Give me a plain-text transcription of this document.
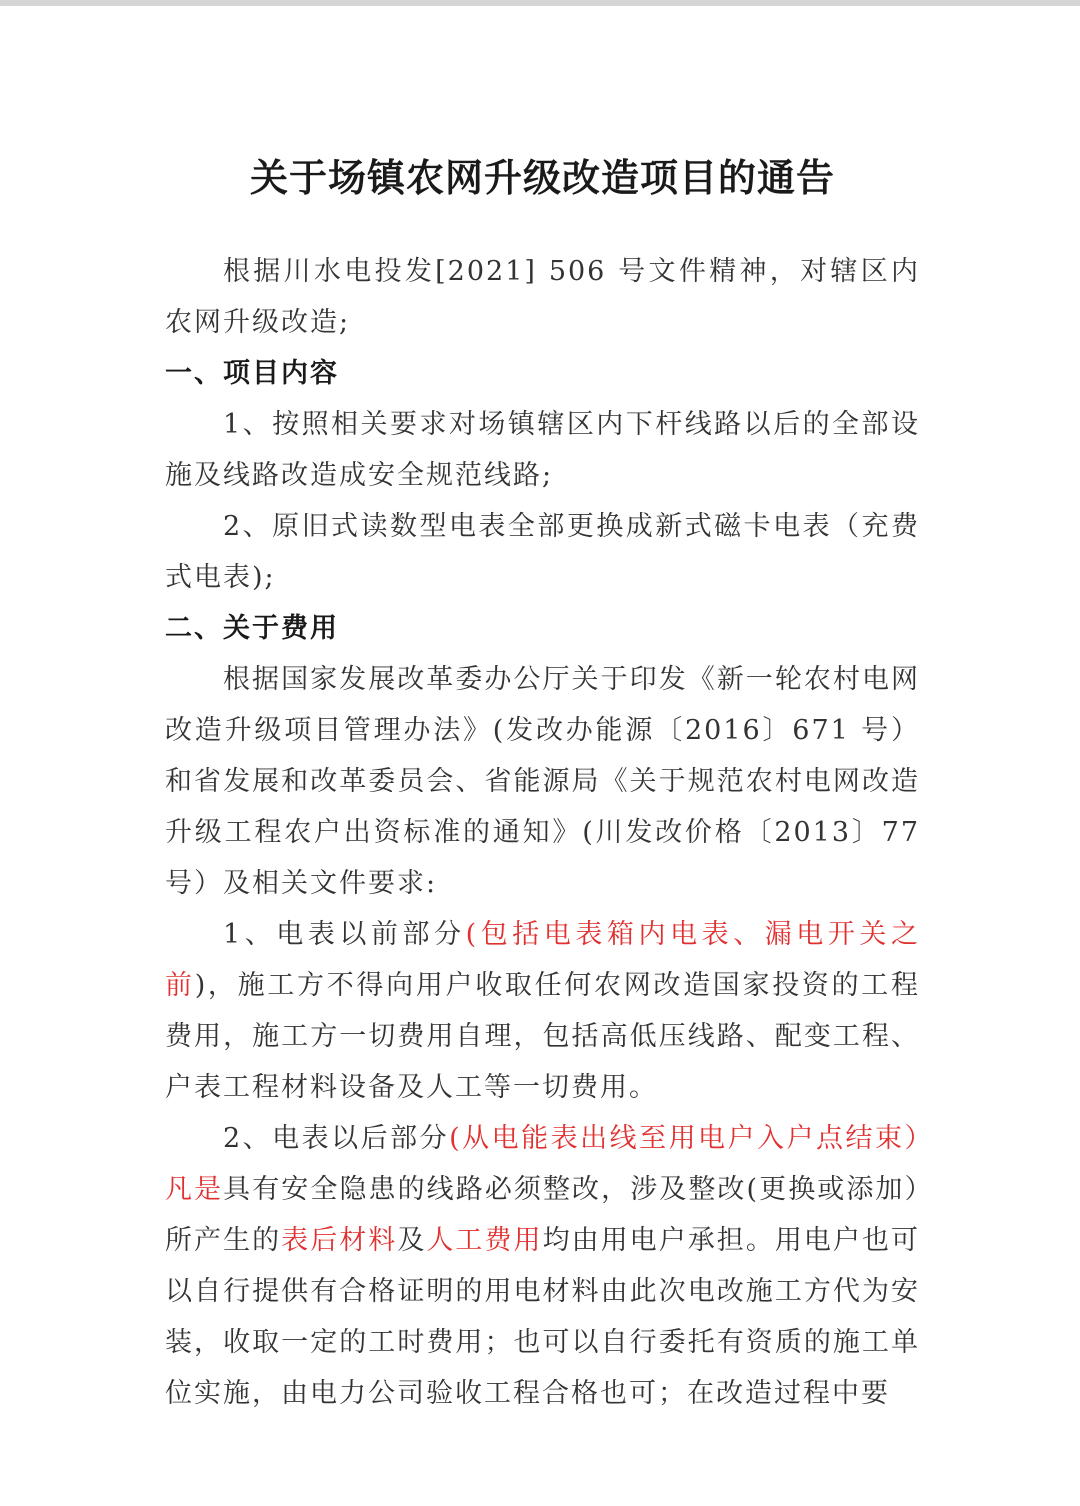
关于场镇农网升级改造项目的通告

根据川水电投发[2021] 506 号文件精神，对辖区内农网升级改造;

一、项目内容

1、按照相关要求对场镇辖区内下杆线路以后的全部设施及线路改造成安全规范线路;

2、原旧式读数型电表全部更换成新式磁卡电表（充费式电表);

二、关于费用

根据国家发展改革委办公厅关于印发《新一轮农村电网改造升级项目管理办法》(发改办能源〔2016〕671 号）和省发展和改革委员会、省能源局《关于规范农村电网改造升级工程农户出资标准的通知》(川发改价格〔2013〕77 号）及相关文件要求:

1、电表以前部分(包括电表箱内电表、漏电开关之前)，施工方不得向用户收取任何农网改造国家投资的工程费用，施工方一切费用自理，包括高低压线路、配变工程、户表工程材料设备及人工等一切费用。

2、电表以后部分(从电能表出线至用电户入户点结束）凡是具有安全隐患的线路必须整改，涉及整改(更换或添加）所产生的表后材料及人工费用均由用电户承担。用电户也可以自行提供有合格证明的用电材料由此次电改施工方代为安装，收取一定的工时费用；也可以自行委托有资质的施工单位实施，由电力公司验收工程合格也可；在改造过程中要
